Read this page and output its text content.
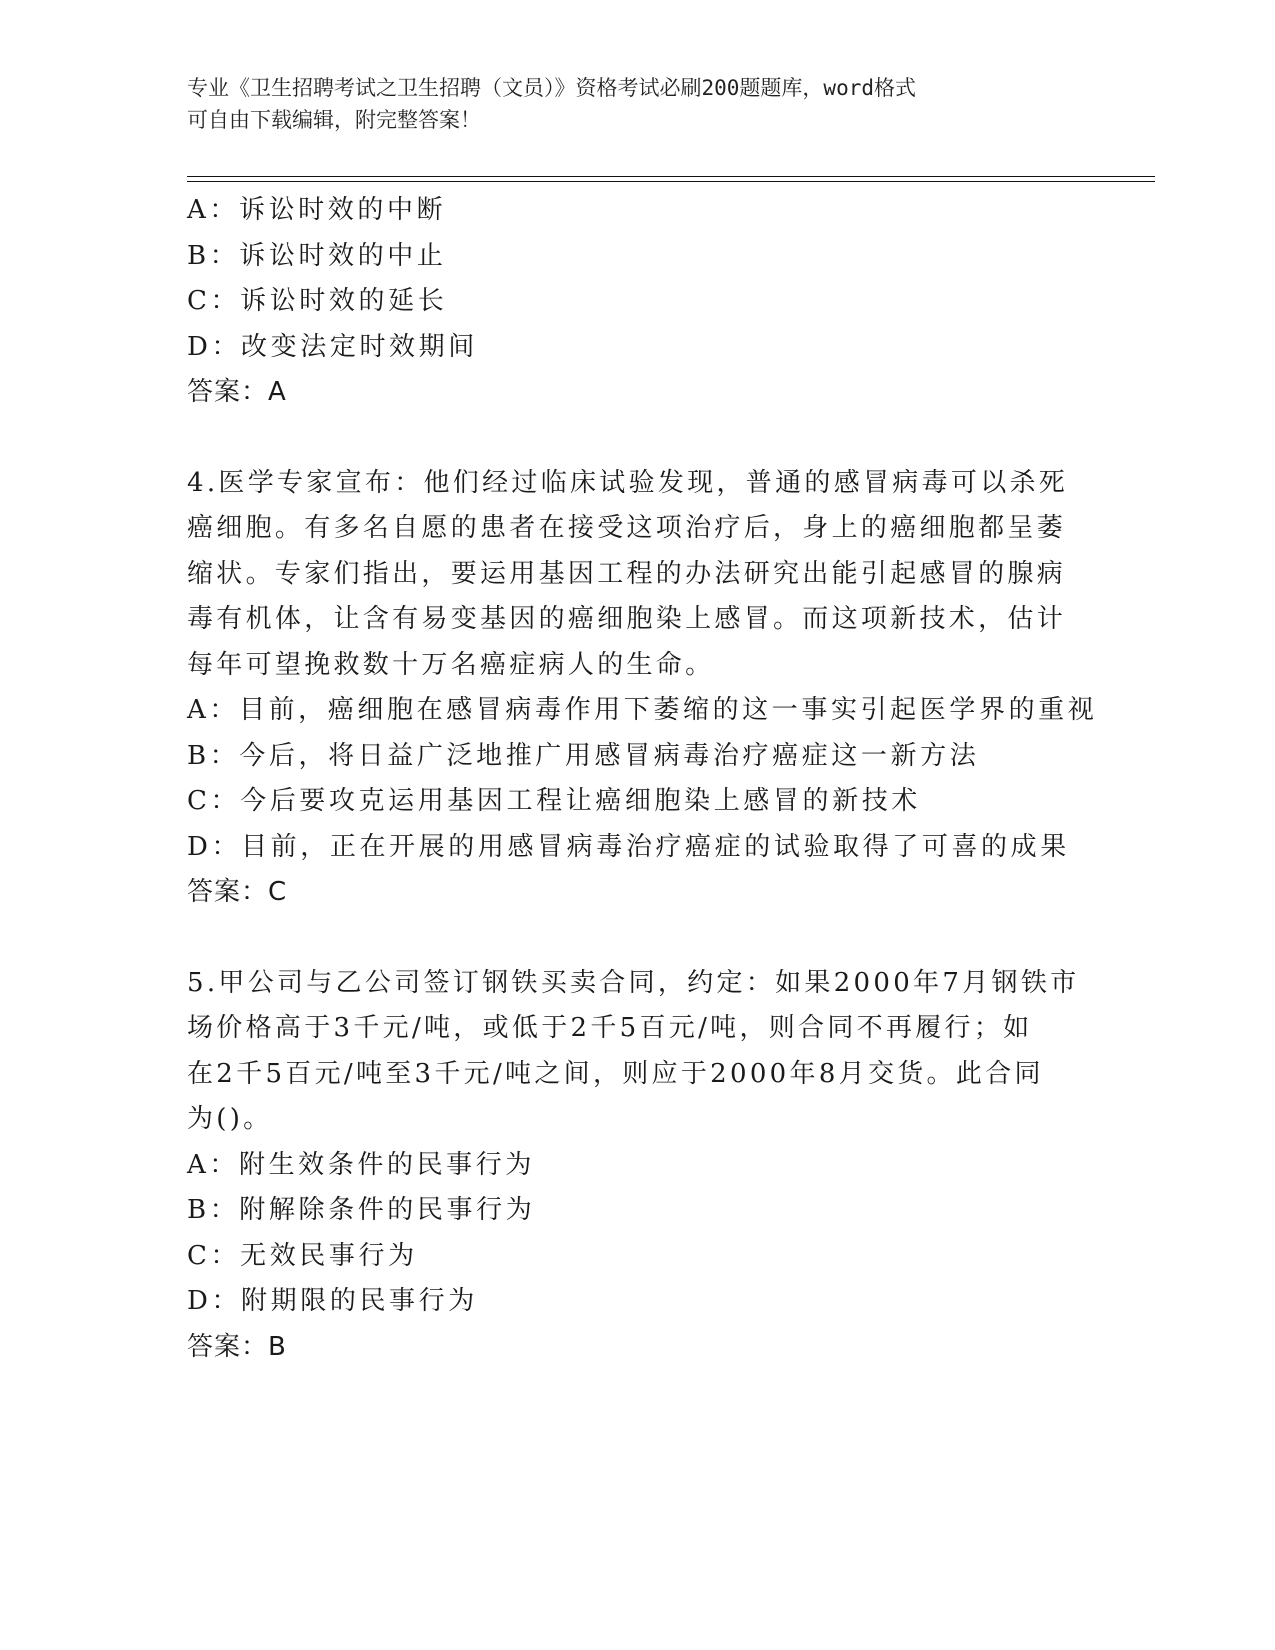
专业《卫生招聘考试之卫生招聘（文员）》资格考试必刷200题题库，word格式
可自由下载编辑，附完整答案！
A：诉讼时效的中断
B：诉讼时效的中止
C：诉讼时效的延长
D：改变法定时效期间
答案：A
4.医学专家宣布：他们经过临床试验发现，普通的感冒病毒可以杀死
癌细胞。有多名自愿的患者在接受这项治疗后，身上的癌细胞都呈萎
缩状。专家们指出，要运用基因工程的办法研究出能引起感冒的腺病
毒有机体，让含有易变基因的癌细胞染上感冒。而这项新技术，估计
每年可望挽救数十万名癌症病人的生命。
A：目前，癌细胞在感冒病毒作用下萎缩的这一事实引起医学界的重视
B：今后，将日益广泛地推广用感冒病毒治疗癌症这一新方法
C：今后要攻克运用基因工程让癌细胞染上感冒的新技术
D：目前，正在开展的用感冒病毒治疗癌症的试验取得了可喜的成果
答案：C
5.甲公司与乙公司签订钢铁买卖合同，约定：如果2000年7月钢铁市
场价格高于3千元/吨，或低于2千5百元/吨，则合同不再履行；如
在2千5百元/吨至3千元/吨之间，则应于2000年8月交货。此合同
为()。
A：附生效条件的民事行为
B：附解除条件的民事行为
C：无效民事行为
D：附期限的民事行为
答案：B
